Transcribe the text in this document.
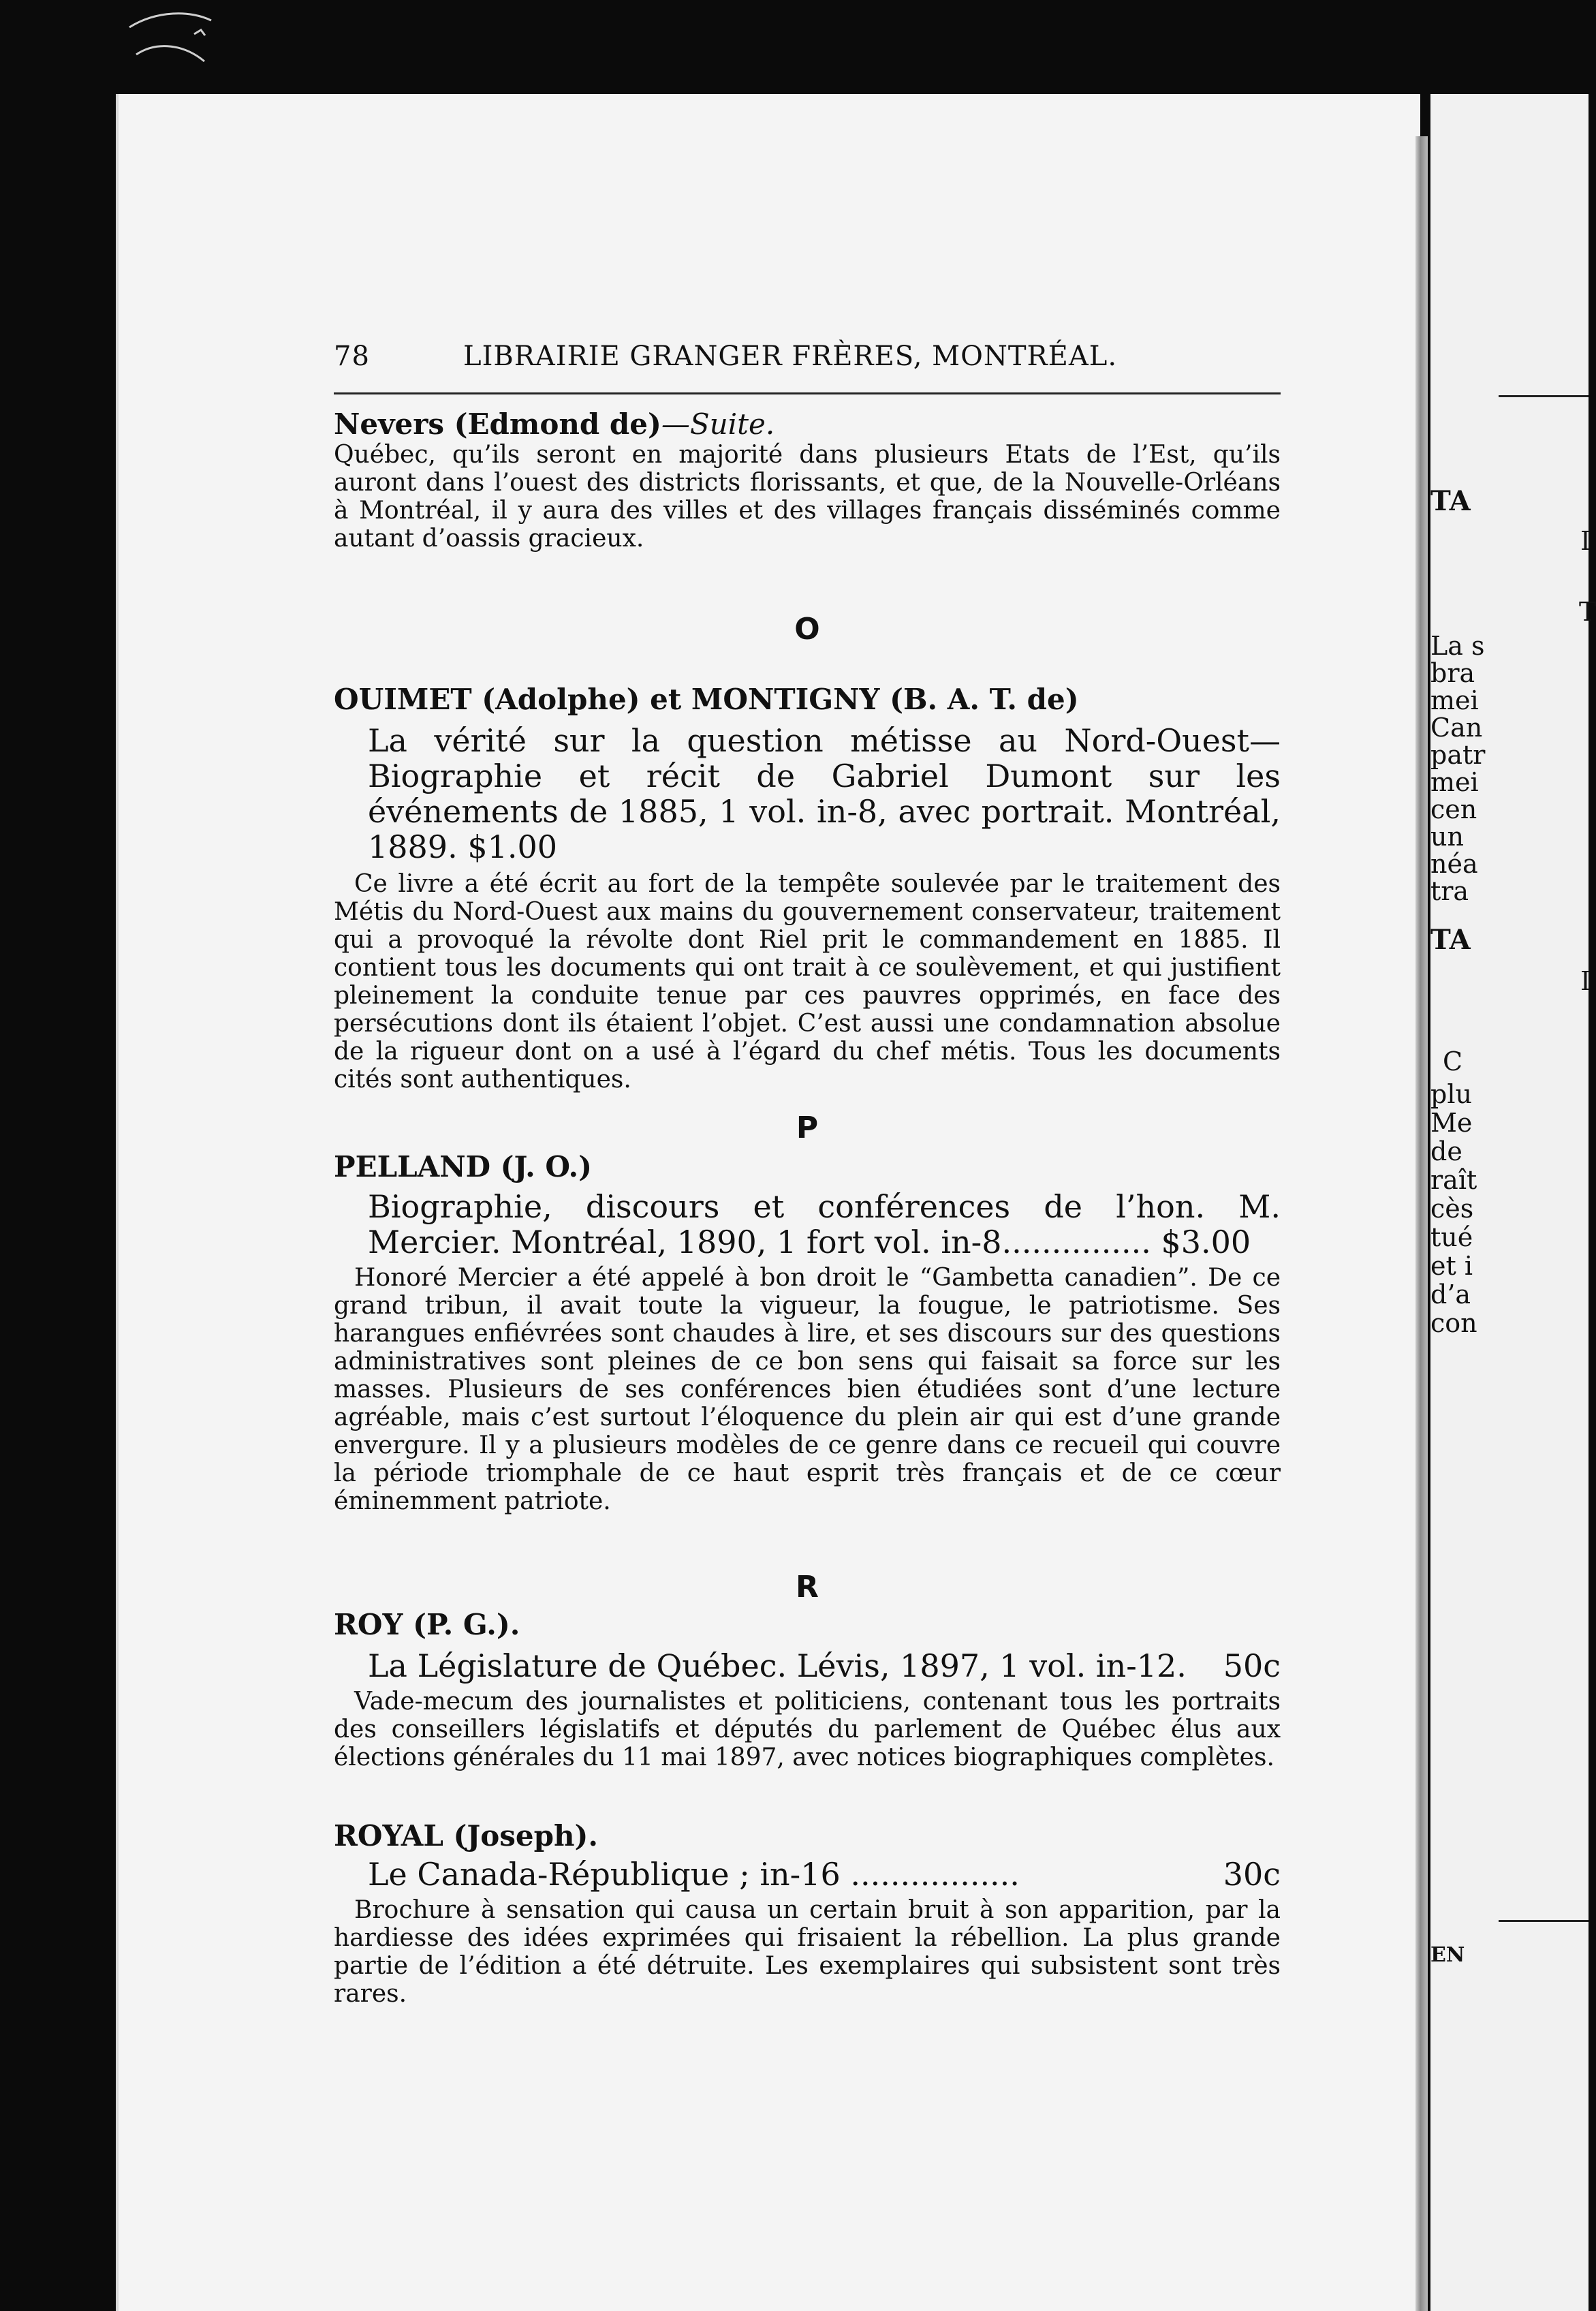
TA
I
T
La s
bra
mei
Can
patr
mei
cen
un
néa
tra
TA
I
C
plu
Me
de
raît
cès
tué
et i
d’a
con
EN
78	LIBRAIRIE GRANGER FRÈRES, MONTRÉAL.
Nevers (Edmond de)—Suite.

Québec, qu’ils seront en majorité dans plusieurs Etats de l’Est, qu’ils auront dans l’ouest des districts florissants, et que, de la Nouvelle-Orléans à Montréal, il y aura des villes et des villages français disséminés comme autant d’oassis gracieux.

O
OUIMET (Adolphe) et MONTIGNY (B. A. T. de)

La vérité sur la question métisse au Nord-Ouest—Biographie et récit de Gabriel Dumont sur les événements de 1885, 1 vol. in-8, avec portrait. Montréal, 1889. $1.00

Ce livre a été écrit au fort de la tempête soulevée par le traitement des Métis du Nord-Ouest aux mains du gouvernement conservateur, traitement qui a provoqué la révolte dont Riel prit le commandement en 1885. Il contient tous les documents qui ont trait à ce soulèvement, et qui justifient pleinement la conduite tenue par ces pauvres opprimés, en face des persécutions dont ils étaient l’objet. C’est aussi une condamnation absolue de la rigueur dont on a usé à l’égard du chef métis. Tous les documents cités sont authentiques.

P
PELLAND (J. O.)

Biographie, discours et conférences de l’hon. M. Mercier. Montréal, 1890, 1 fort vol. in-8............... $3.00

Honoré Mercier a été appelé à bon droit le “Gambetta canadien”. De ce grand tribun, il avait toute la vigueur, la fougue, le patriotisme. Ses harangues enfiévrées sont chaudes à lire, et ses discours sur des questions administratives sont pleines de ce bon sens qui faisait sa force sur les masses. Plusieurs de ses conférences bien étudiées sont d’une lecture agréable, mais c’est surtout l’éloquence du plein air qui est d’une grande envergure. Il y a plusieurs modèles de ce genre dans ce recueil qui couvre la période triomphale de ce haut esprit très français et de ce cœur éminemment patriote.

R
ROY (P. G.).
La Législature de Québec. Lévis, 1897, 1 vol. in-12. 50c

Vade-mecum des journalistes et politiciens, contenant tous les portraits des conseillers législatifs et députés du parlement de Québec élus aux élections générales du 11 mai 1897, avec notices biographiques complètes.

ROYAL (Joseph).
Le Canada-République ; in-16 .................	30c

Brochure à sensation qui causa un certain bruit à son apparition, par la hardiesse des idées exprimées qui frisaient la rébellion. La plus grande partie de l’édition a été détruite. Les exemplaires qui subsistent sont très rares.
